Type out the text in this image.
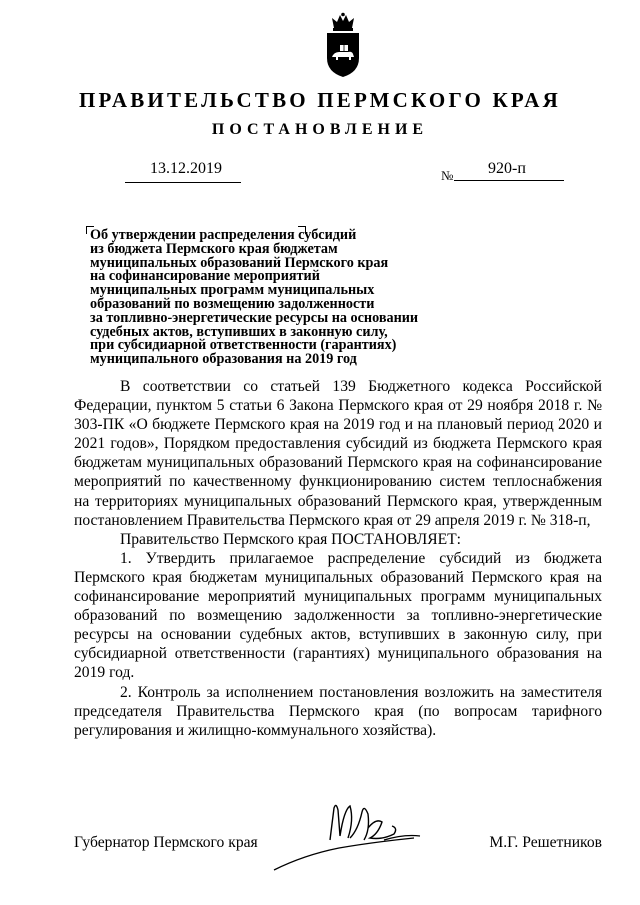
ПРАВИТЕЛЬСТВО ПЕРМСКОГО КРАЯ
ПОСТАНОВЛЕНИЕ
13.12.2019	№ 920-п
Об утверждении распределения субсидий
из бюджета Пермского края бюджетам
муниципальных образований Пермского края
на софинансирование мероприятий
муниципальных программ муниципальных
образований по возмещению задолженности
за топливно-энергетические ресурсы на основании
судебных актов, вступивших в законную силу,
при субсидиарной ответственности (гарантиях)
муниципального образования на 2019 год

В соответствии со статьей 139 Бюджетного кодекса Российской Федерации, пунктом 5 статьи 6 Закона Пермского края от 29 ноября 2018 г. № 303-ПК «О бюджете Пермского края на 2019 год и на плановый период 2020 и 2021 годов», Порядком предоставления субсидий из бюджета Пермского края бюджетам муниципальных образований Пермского края на софинансирование мероприятий по качественному функционированию систем теплоснабжения на территориях муниципальных образований Пермского края, утвержденным постановлением Правительства Пермского края от 29 апреля 2019 г. № 318-п,

Правительство Пермского края ПОСТАНОВЛЯЕТ:

1. Утвердить прилагаемое распределение субсидий из бюджета Пермского края бюджетам муниципальных образований Пермского края на софинансирование мероприятий муниципальных программ муниципальных образований по возмещению задолженности за топливно-энергетические ресурсы на основании судебных актов, вступивших в законную силу, при субсидиарной ответственности (гарантиях) муниципального образования на 2019 год.

2. Контроль за исполнением постановления возложить на заместителя председателя Правительства Пермского края (по вопросам тарифного регулирования и жилищно-коммунального хозяйства).

Губернатор Пермского края	М.Г. Решетников
